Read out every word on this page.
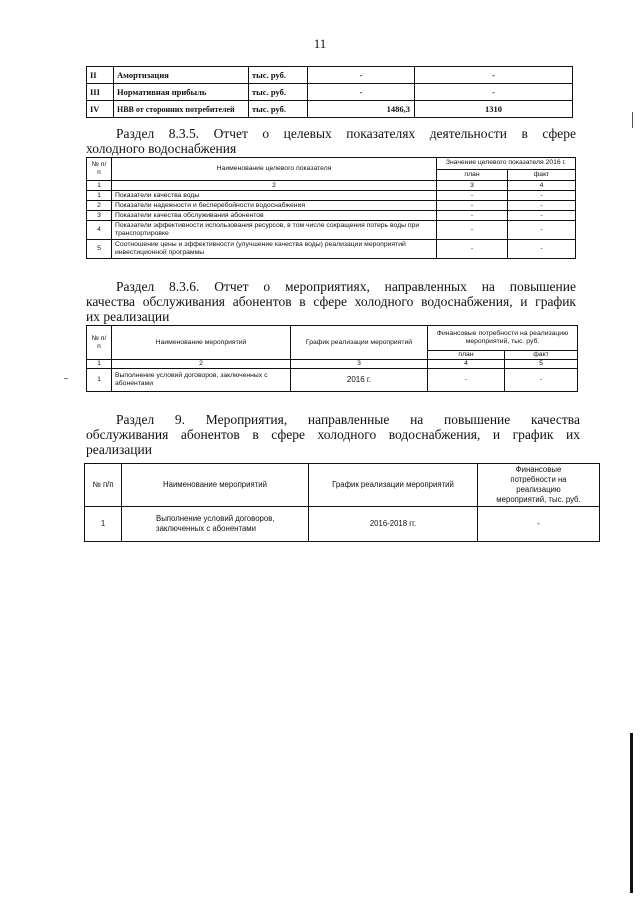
11
II	Амортизация	тыс. руб.	-	-
III	Нормативная прибыль	тыс. руб.	-	-
IV	НВВ от сторонних потребителей	тыс. руб.	1486,3	1310
Раздел 8.3.5. Отчет о целевых показателях деятельности в сфере
холодного водоснабжения
№ п/п	Наименование целевого показателя	Значение целевого показателя 2016 г.	
		план	факт
1	2	3	4
1	Показатели качества воды	-	-
2	Показатели надежности и бесперебойности водоснабжения	-	-
3	Показатели качества обслуживания абонентов	-	-
4	Показатели эффективности использования ресурсов, в том числе сокращения потерь воды при транспортировке	-	-
5	Соотношение цены и эффективности (улучшение качества воды) реализации мероприятий инвестиционной программы	-	-
Раздел 8.3.6. Отчет о мероприятиях, направленных на повышение
качества обслуживания абонентов в сфере холодного водоснабжения, и график
их реализации
№ п/п	Наименование мероприятий	График реализации мероприятий	Финансовые потребности на реализацию мероприятий, тыс. руб.	
			план	факт
1	2	3	4	5
1	Выполнение условий договоров, заключенных с абонентами	2016 г.	-	-
Раздел 9. Мероприятия, направленные на повышение качества
обслуживания абонентов в сфере холодного водоснабжения, и график их
реализации
№ п/п	Наименование мероприятий	График реализации мероприятий	Финансовые потребности на реализацию мероприятий, тыс. руб.
1	Выполнение условий договоров, заключенных с абонентами	2016-2018 гг.	-
